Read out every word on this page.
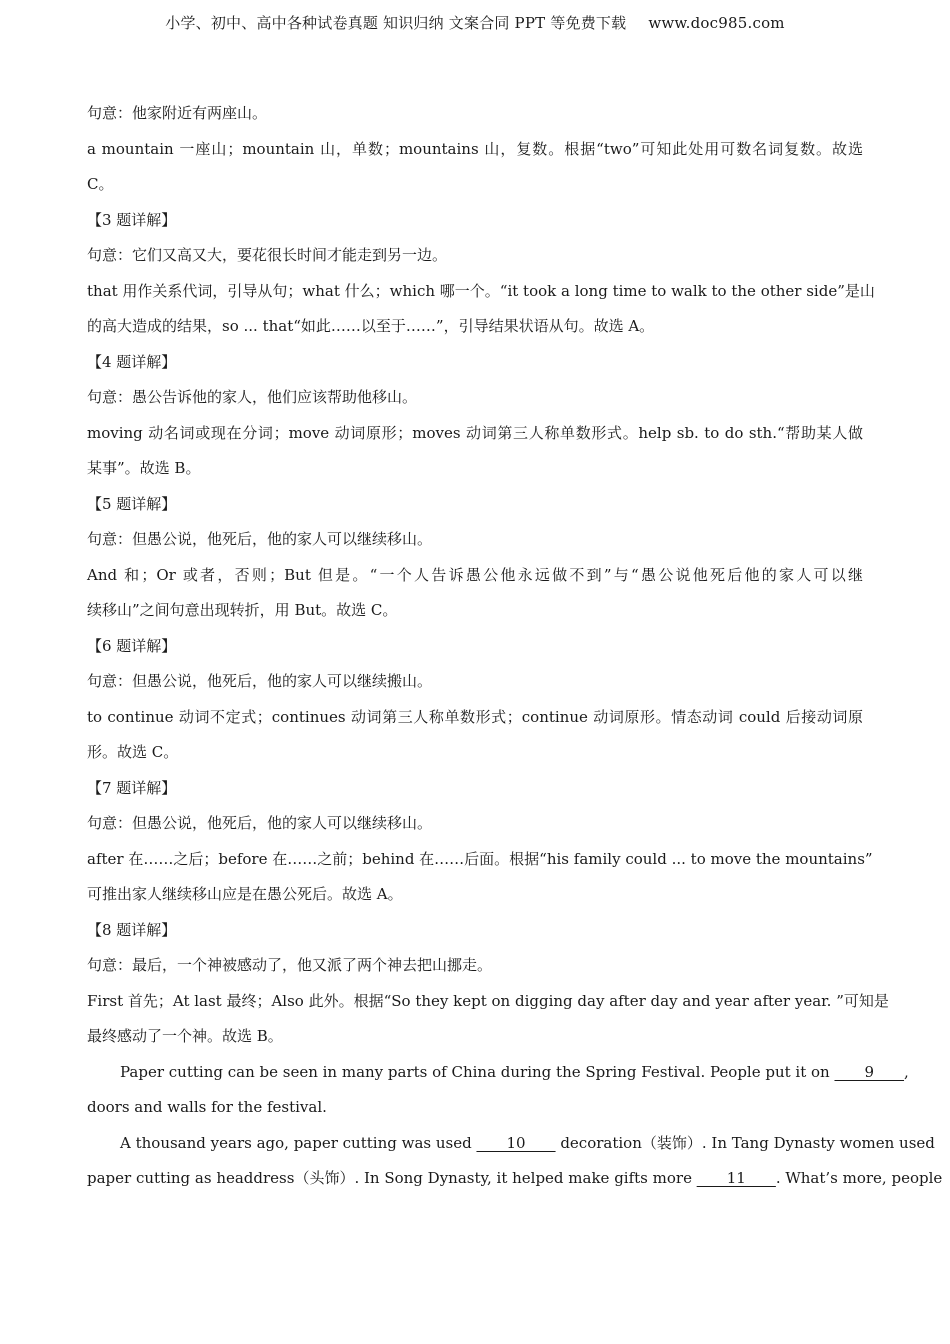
小学、初中、高中各种试卷真题 知识归纳 文案合同 PPT 等免费下载 www.doc985.com
句意：他家附近有两座山。
a mountain 一座山；mountain 山，单数；mountains 山，复数。根据“two”可知此处用可数名词复数。故选
C。
【3 题详解】
句意：它们又高又大，要花很长时间才能走到另一边。
that 用作关系代词，引导从句；what 什么；which 哪一个。“it took a long time to walk to the other side”是山
的高大造成的结果，so ... that“如此……以至于……”，引导结果状语从句。故选 A。
【4 题详解】
句意：愚公告诉他的家人，他们应该帮助他移山。
moving 动名词或现在分词；move 动词原形；moves 动词第三人称单数形式。help sb. to do sth.“帮助某人做
某事”。故选 B。
【5 题详解】
句意：但愚公说，他死后，他的家人可以继续移山。
And 和；Or 或者，否则；But 但是。“一个人告诉愚公他永远做不到”与“愚公说他死后他的家人可以继
续移山”之间句意出现转折，用 But。故选 C。
【6 题详解】
句意：但愚公说，他死后，他的家人可以继续搬山。
to continue 动词不定式；continues 动词第三人称单数形式；continue 动词原形。情态动词 could 后接动词原
形。故选 C。
【7 题详解】
句意：但愚公说，他死后，他的家人可以继续移山。
after 在……之后；before 在……之前；behind 在……后面。根据“his family could ... to move the mountains”
可推出家人继续移山应是在愚公死后。故选 A。
【8 题详解】
句意：最后，一个神被感动了，他又派了两个神去把山挪走。
First 首先；At last 最终；Also 此外。根据“So they kept on digging day after day and year after year. ”可知是
最终感动了一个神。故选 B。
Paper cutting can be seen in many parts of China during the Spring Festival. People put it on ____9____,
doors and walls for the festival.
A thousand years ago, paper cutting was used ____10____ decoration（装饰）. In Tang Dynasty women used
paper cutting as headdress（头饰）. In Song Dynasty, it helped make gifts more ____11____. What’s more, people
